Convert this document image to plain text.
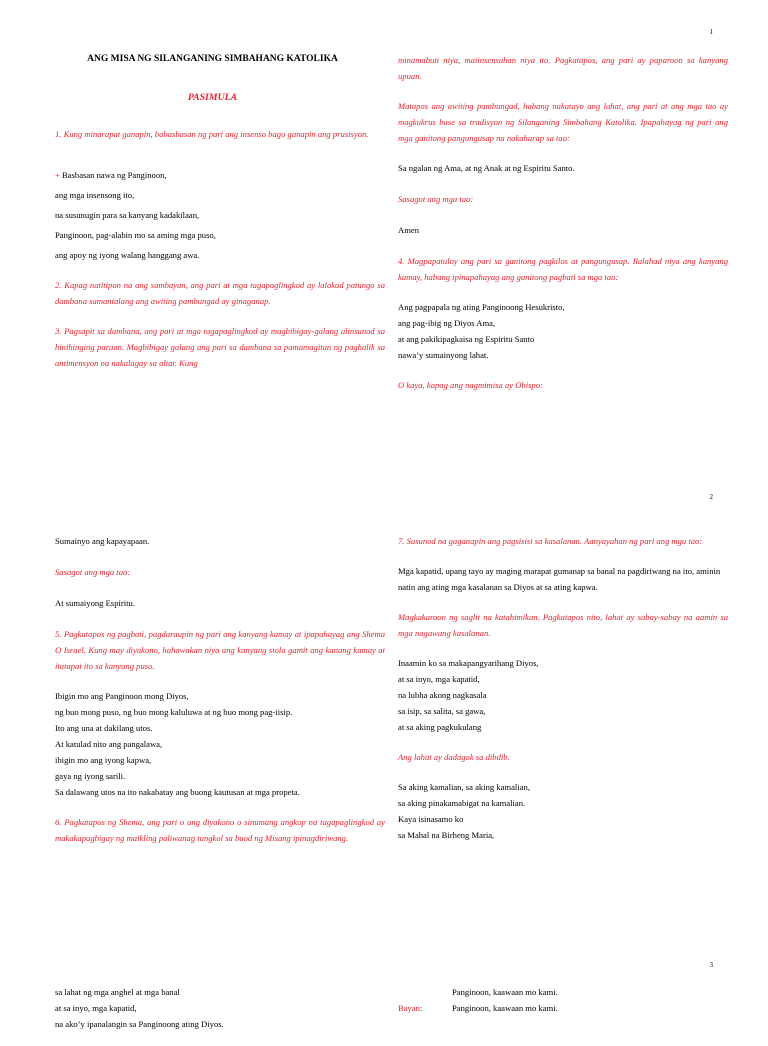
1
ANG MISA NG SILANGANING SIMBAHANG KATOLIKA
PASIMULA
1. Kung minarapat ganapin, babasbasan ng pari ang insenso bago ganapin ang prusisyon.
+ Basbasan nawa ng Panginoon,
ang mga insensong ito,
na susunugin para sa kanyang kadakilaan,
Panginoon, pag-alabin mo sa aming mga puso,
ang apoy ng iyong walang hanggang awa.
2. Kapag natitipon na ang sambayan, ang pari at mga tagapaglingkod ay lalakad patungo sa dambana samantalang ang awiting pambungad ay ginaganap.
3. Pagsapit sa dambana, ang pari at mga tagapaglingkod ay magbibigay-galang alinsunod sa hinihinging paraan. Magbibigay galang ang pari sa dambana sa pamamagitan ng paghalik sa antimensyon na nakalagay sa altar. Kung
minamabuti niya, maiinsensuhan niya ito. Pagkatapos, ang pari ay paparoon sa kanyang upuan.
Matapos ang awiting pambungad, habang nakatayo ang lahat, ang pari at ang mga tao ay magkukrus base sa tradisyon ng Silanganing Simbahang Katolika. Ipapahayag ng pari ang mga ganitong pangungusap na nakaharap sa tao:
Sa ngalan ng Ama, at ng Anak at ng Espiritu Santo.
Sasagot ang mga tao:
Amen
4. Magpapatuloy ang pari sa ganitong pagkilos at pangungusap. Ilalahad niya ang kanyang kamay, habang ipinapahayag ang ganitong pagbati sa mga tao:
Ang pagpapala ng ating Panginoong Hesukristo,
ang pag-ibig ng Diyos Ama,
at ang pakikipagkaisa ng Espiritu Santo
nawa’y sumainyong lahat.
O kaya, kapag ang nagmimisa ay Obispo:
2
Sumainyo ang kapayapaan.
Sasagot ang mga tao:
At sumaiyong Espiritu.
5. Pagkatapos ng pagbati, pagdaraupin ng pari ang kanyang kamay at ipapahayag ang Shema O Israel. Kung may diyakono, hahawakan niya ang kanyang stola gamit ang kanang kamay at itatapat ito sa kanyang puso.
Ibigin mo ang Panginoon mong Diyos,
ng buo mong puso, ng buo mong kaluluwa at ng buo mong pag-iisip.
Ito ang una at dakilang utos.
At katulad nito ang pangalawa,
ibigin mo ang iyong kapwa,
gaya ng iyong sarili.
Sa dalawang utos na ito nakabatay ang buong kautusan at mga propeta.
6. Pagkatapos ng Shema, ang pari o ang diyakono o sinumang angkop na tagapaglingkod ay makakapagbigay ng maikling paliwanag tungkol sa buod ng Misang ipinagdiriwang.
7. Susunod na gaganapin ang pagsisisi sa kasalanan. Aanyayahan ng pari ang mga tao:
Mga kapatid, upang tayo ay maging marapat gumanap sa banal na pagdiriwang na ito, aminin natin ang ating mga kasalanan sa Diyos at sa ating kapwa.
Magkakaroon ng saglit na katahimikan. Pagkatapos nito, lahat ay sabay-sabay na aamin sa mga nagawang kasalanan.
Inaamin ko sa makapangyarihang Diyos,
at sa inyo, mga kapatid,
na lubha akong nagkasala
sa isip, sa salita, sa gawa,
at sa aking pagkukulang
Ang lahat ay dadagok sa dibdib.
Sa aking kamalian, sa aking kamalian,
sa aking pinakamabigat na kamalian.
Kaya isinasamo ko
sa Mahal na Birheng Maria,
3
sa lahat ng mga anghel at mga banal
at sa inyo, mga kapatid,
na ako’y ipanalangin sa Panginoong ating Diyos.
Panginoon, kaawaan mo kami.
Bayan:	Panginoon, kaawaan mo kami.
